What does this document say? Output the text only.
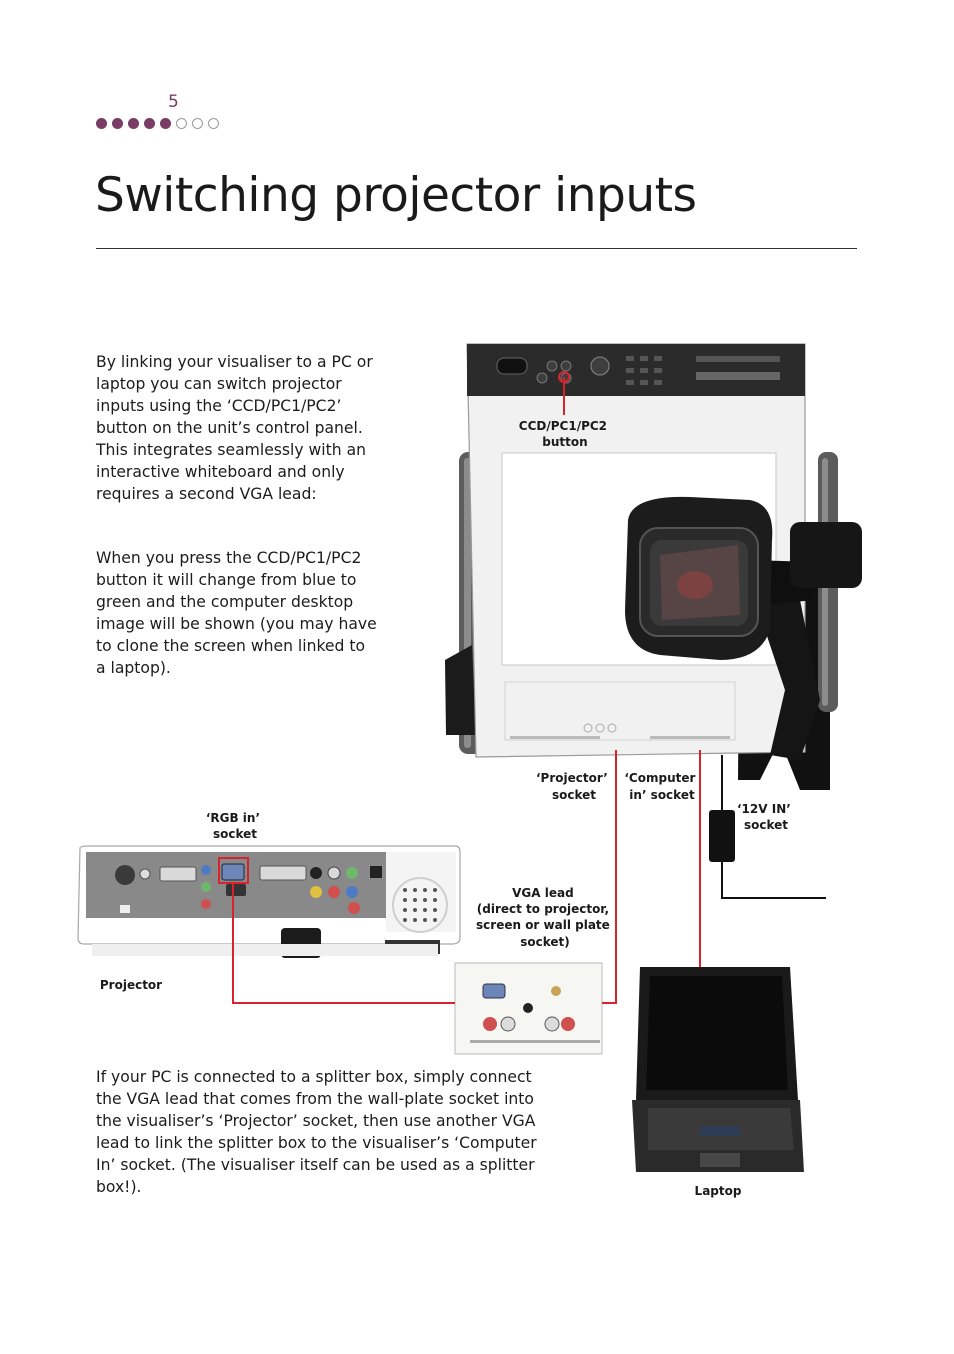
5
Switching projector inputs

By linking your visualiser to a PC or laptop you can switch projector inputs using the ‘CCD/PC1/PC2’ button on the unit’s control panel. This integrates seamlessly with an interactive whiteboard and only requires a second VGA lead:

When you press the CCD/PC1/PC2 button it will change from blue to green and the computer desktop image will be shown (you may have to clone the screen when linked to a laptop).

If your PC is connected to a splitter box, simply connect the VGA lead that comes from the wall-plate socket into the visualiser’s ‘Projector’ socket, then use another VGA lead to link the splitter box to the visualiser’s ‘Computer In’ socket. (The visualiser itself can be used as a splitter box!).

CCD/PC1/PC2 button
‘Projector’ socket
‘Computer in’ socket
‘12V IN’ socket
‘RGB in’ socket
VGA lead (direct to projector, screen or wall plate socket)
Projector
Laptop
